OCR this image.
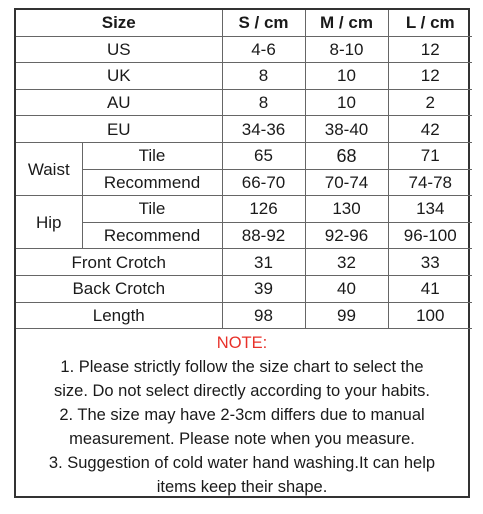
Size		S / cm	M / cm	L / cm
US		4-6	8-10	12
UK		8	10	12
AU		8	10	2
EU		34-36	38-40	42
Waist	Tile	65	68	71
	Recommend	66-70	70-74	74-78
Hip	Tile	126	130	134
	Recommend	88-92	92-96	96-100
Front Crotch		31	32	33
Back Crotch		39	40	41
Length		98	99	100
NOTE:
1. Please strictly follow the size chart to select the
size. Do not select directly according to your habits.
2. The size may have 2-3cm differs due to manual
measurement. Please note when you measure.
3. Suggestion of cold water hand washing.It can help
items keep their shape.
